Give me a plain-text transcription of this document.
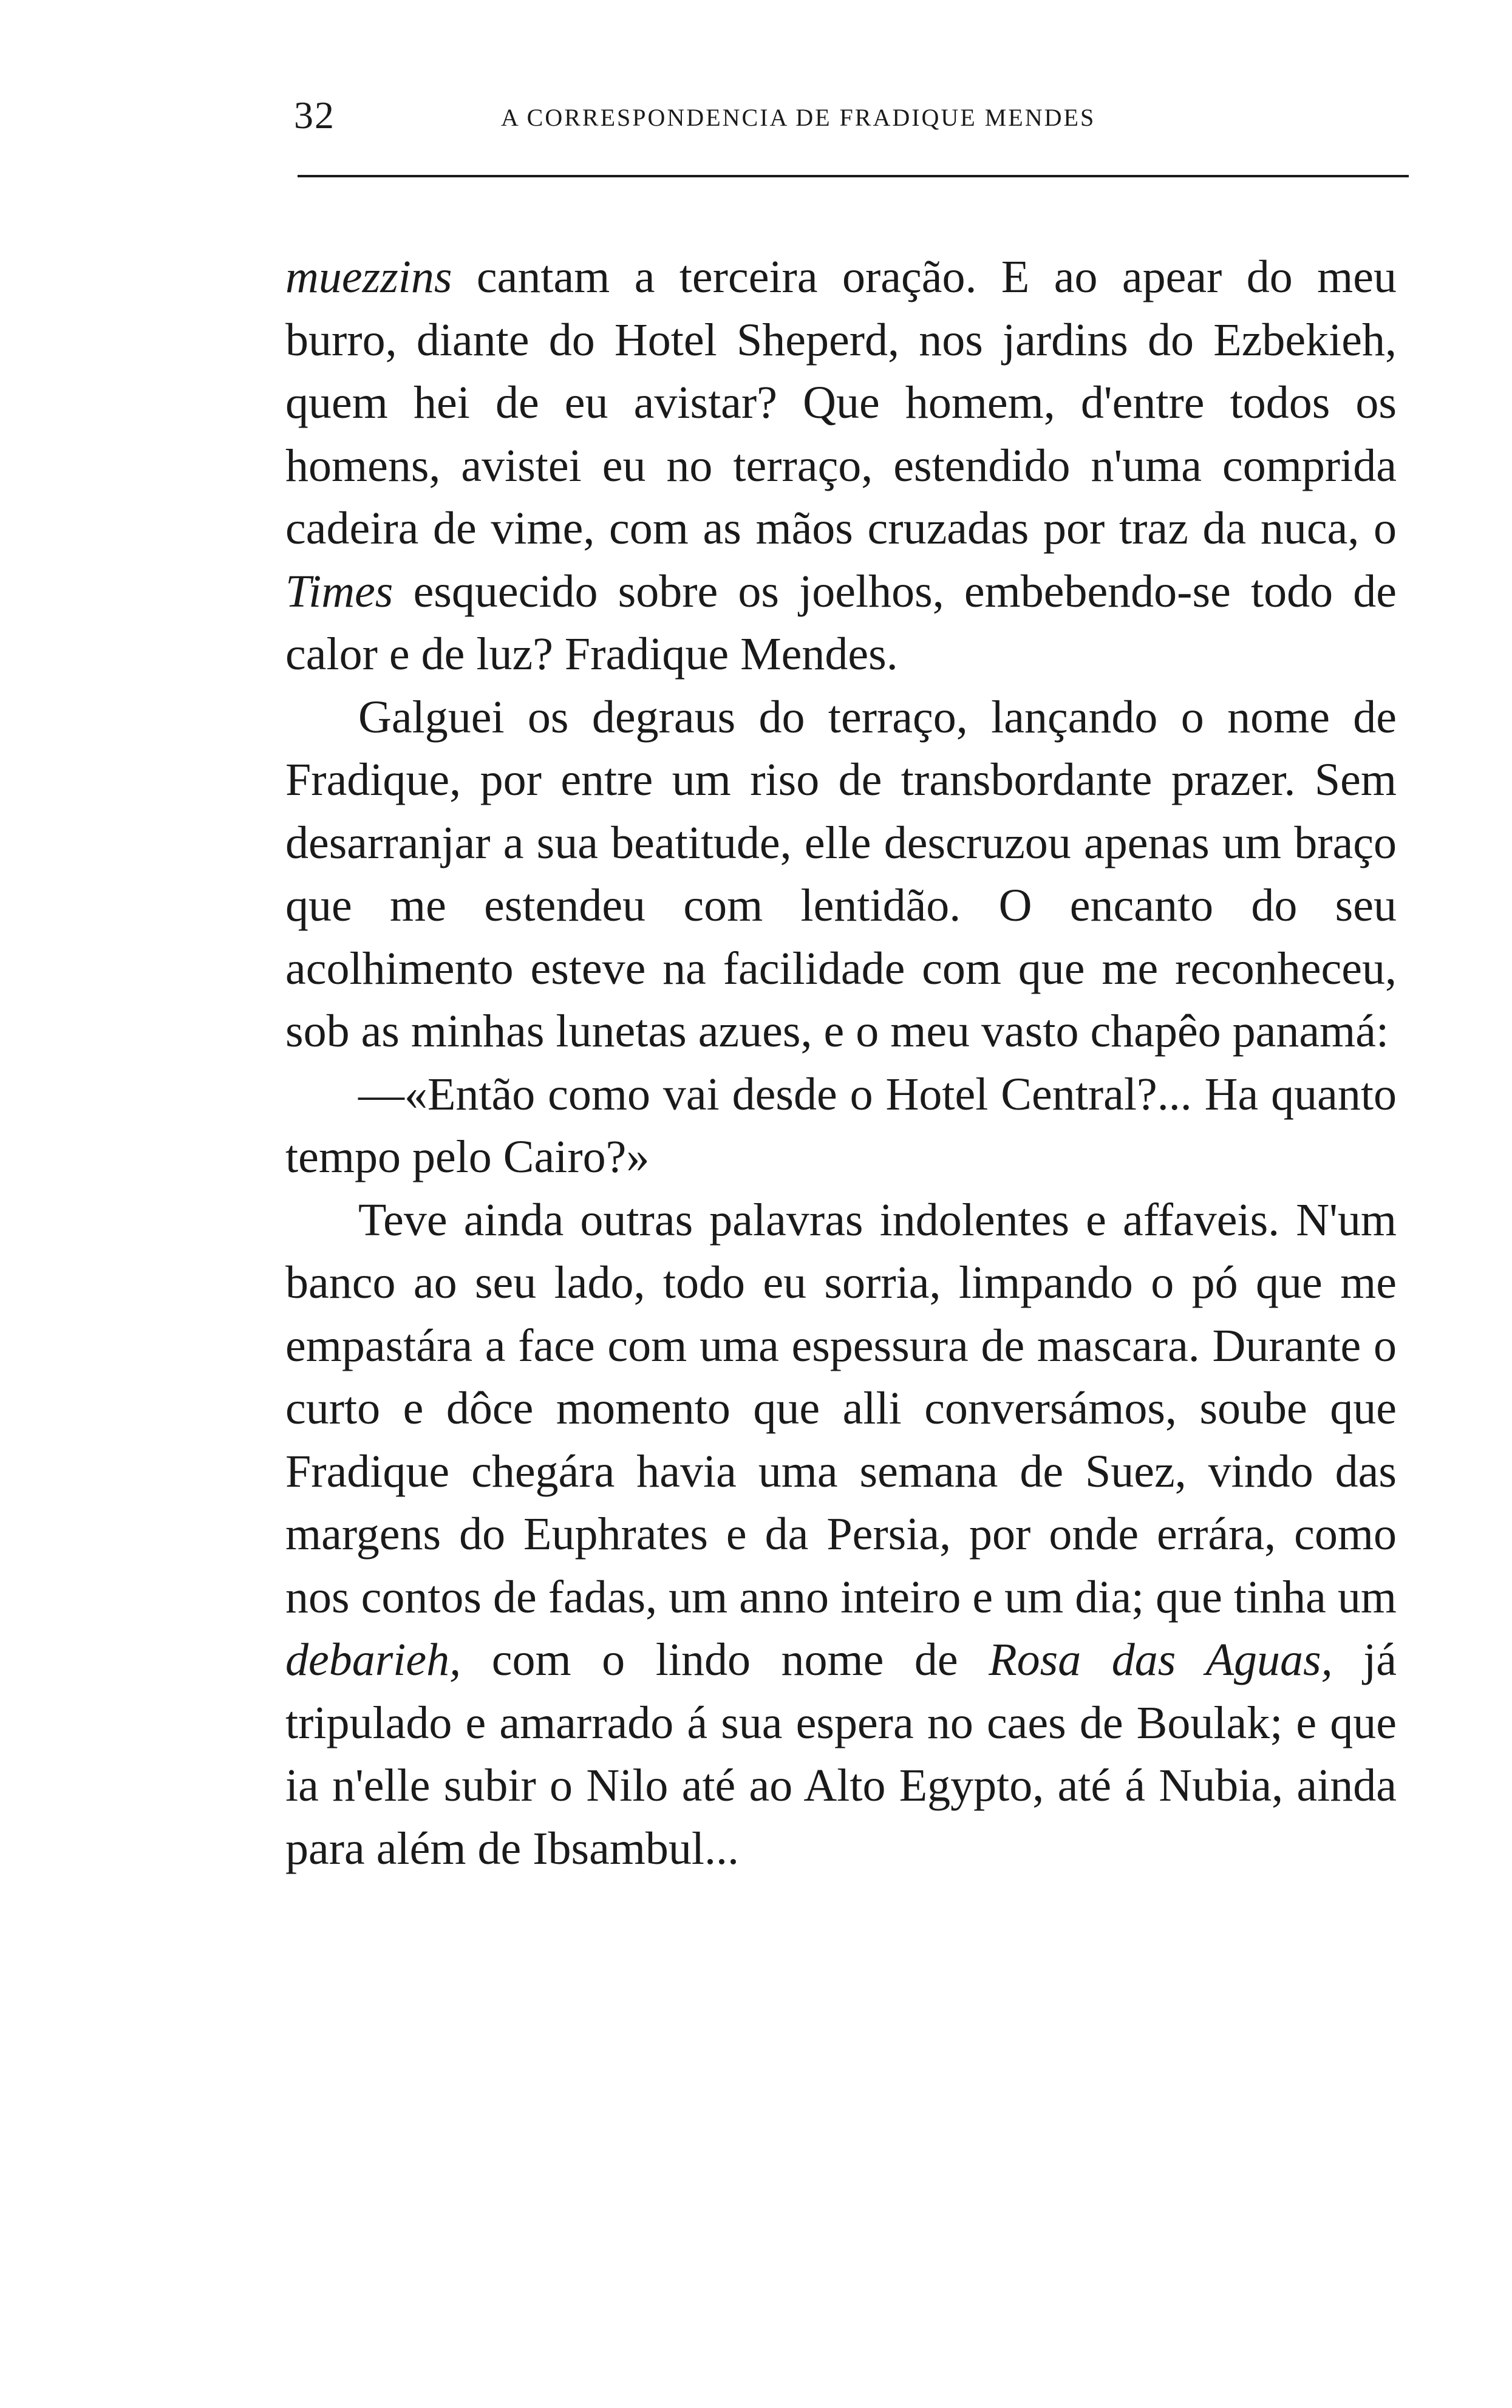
32	A CORRESPONDENCIA DE FRADIQUE MENDES

muezzins cantam a terceira oração. E ao apear do meu burro, diante do Hotel Sheperd, nos jardins do Ezbekieh, quem hei de eu avistar? Que homem, d'entre todos os homens, avistei eu no terraço, estendido n'uma comprida cadeira de vime, com as mãos cruzadas por traz da nuca, o Times esquecido sobre os joelhos, embebendo-se todo de calor e de luz? Fradique Mendes.

Galguei os degraus do terraço, lançando o nome de Fradique, por entre um riso de transbordante prazer. Sem desarranjar a sua beatitude, elle descruzou apenas um braço que me estendeu com lentidão. O encanto do seu acolhimento esteve na facilidade com que me reconheceu, sob as minhas lunetas azues, e o meu vasto chapêo panamá:

—«Então como vai desde o Hotel Central?... Ha quanto tempo pelo Cairo?»

Teve ainda outras palavras indolentes e affaveis. N'um banco ao seu lado, todo eu sorria, limpando o pó que me empastára a face com uma espessura de mascara. Durante o curto e dôce momento que alli conversámos, soube que Fradique chegára havia uma semana de Suez, vindo das margens do Euphrates e da Persia, por onde errára, como nos contos de fadas, um anno inteiro e um dia; que tinha um debarieh, com o lindo nome de Rosa das Aguas, já tripulado e amarrado á sua espera no caes de Boulak; e que ia n'elle subir o Nilo até ao Alto Egypto, até á Nubia, ainda para além de Ibsambul...
